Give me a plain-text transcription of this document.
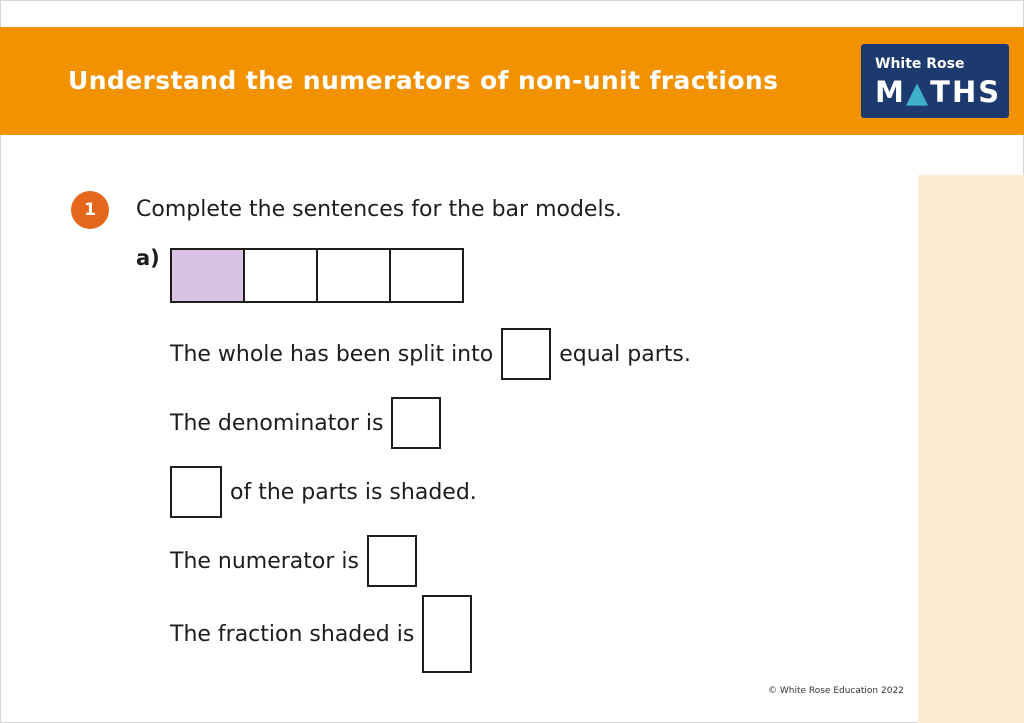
Understand the numerators of non-unit fractions
White Rose
M▲THS
1	Complete the sentences for the bar models.
a)
The whole has been split into	equal parts.
The denominator is
of the parts is shaded.
The numerator is
The fraction shaded is
© White Rose Education 2022
